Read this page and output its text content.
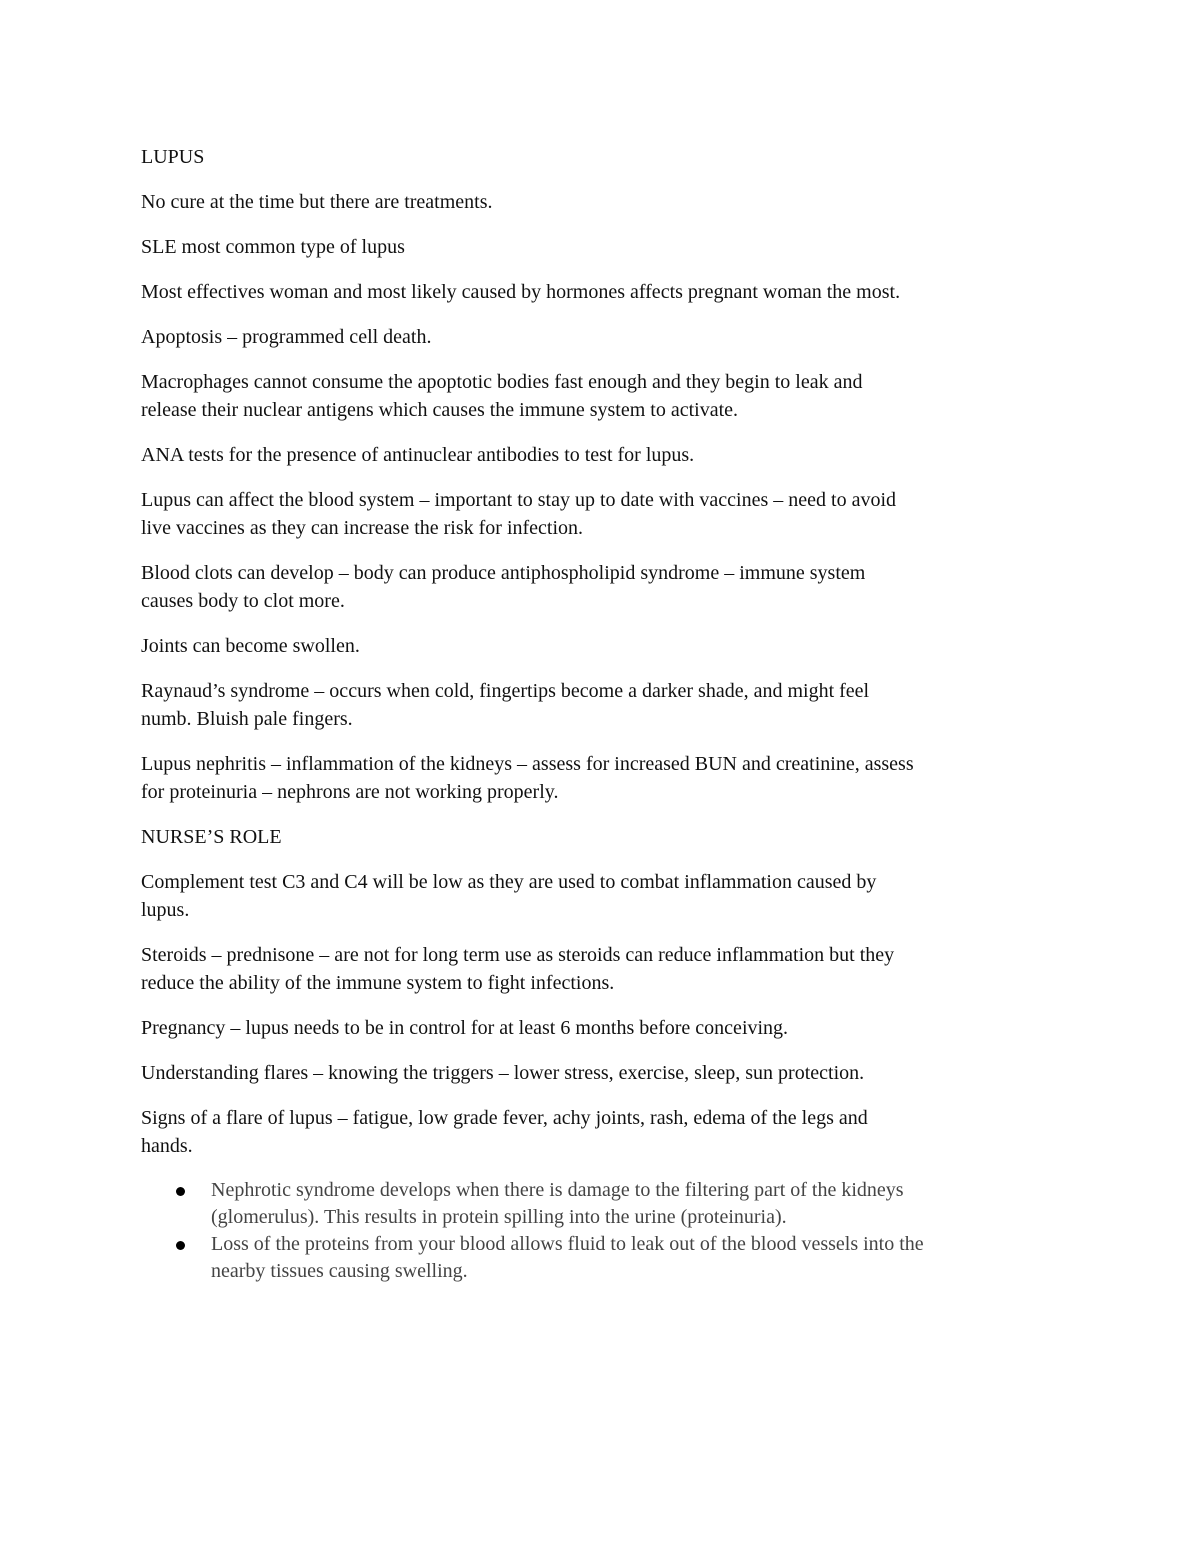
LUPUS

No cure at the time but there are treatments.

SLE most common type of lupus

Most effectives woman and most likely caused by hormones affects pregnant woman the most.

Apoptosis – programmed cell death.

Macrophages cannot consume the apoptotic bodies fast enough and they begin to leak and
release their nuclear antigens which causes the immune system to activate.

ANA tests for the presence of antinuclear antibodies to test for lupus.

Lupus can affect the blood system – important to stay up to date with vaccines – need to avoid
live vaccines as they can increase the risk for infection.

Blood clots can develop – body can produce antiphospholipid syndrome – immune system
causes body to clot more.

Joints can become swollen.

Raynaud’s syndrome – occurs when cold, fingertips become a darker shade, and might feel
numb. Bluish pale fingers.

Lupus nephritis – inflammation of the kidneys – assess for increased BUN and creatinine, assess
for proteinuria – nephrons are not working properly.

NURSE’S ROLE

Complement test C3 and C4 will be low as they are used to combat inflammation caused by
lupus.

Steroids – prednisone – are not for long term use as steroids can reduce inflammation but they
reduce the ability of the immune system to fight infections.

Pregnancy – lupus needs to be in control for at least 6 months before conceiving.

Understanding flares – knowing the triggers – lower stress, exercise, sleep, sun protection.

Signs of a flare of lupus – fatigue, low grade fever, achy joints, rash, edema of the legs and
hands.

Nephrotic syndrome develops when there is damage to the filtering part of the kidneys
(glomerulus). This results in protein spilling into the urine (proteinuria).
Loss of the proteins from your blood allows fluid to leak out of the blood vessels into the
nearby tissues causing swelling.
